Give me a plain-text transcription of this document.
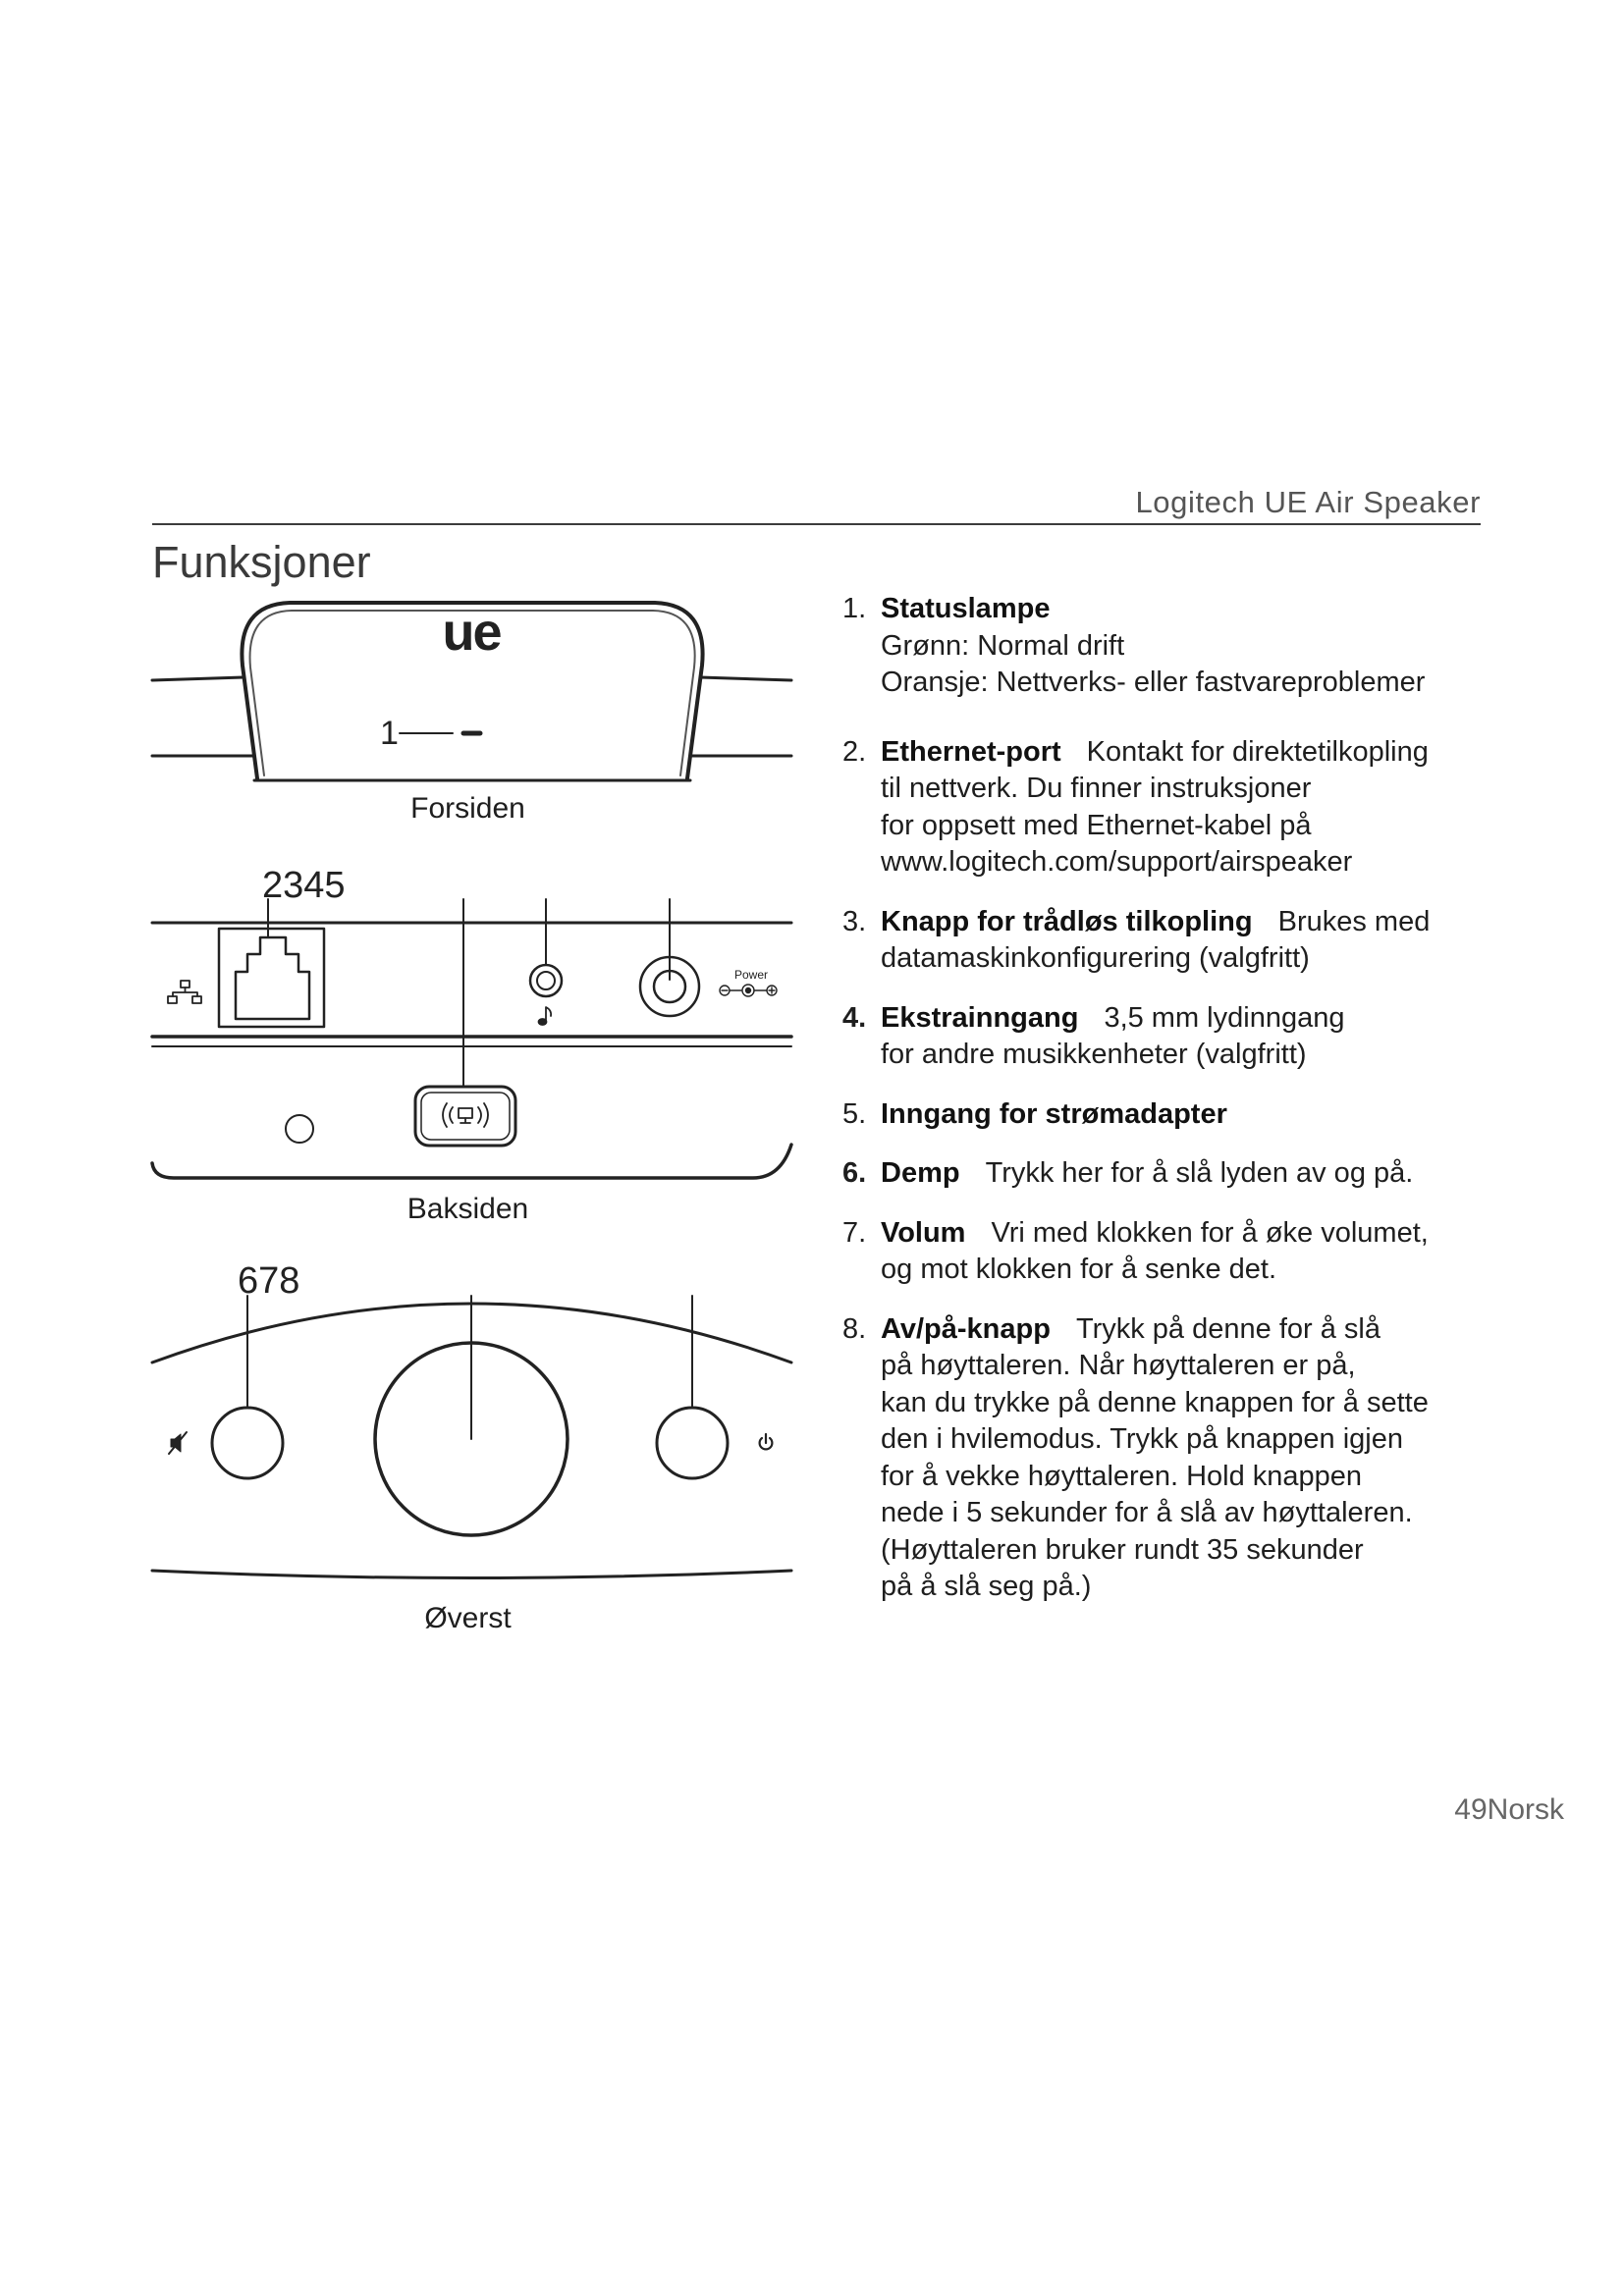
Logitech UE Air Speaker
Funksjoner
ue
1
Forsiden
2345
Power
Baksiden
678
Øverst
1. Statuslampe
Grønn: Normal drift
Oransje: Nettverks- eller fastvareproblemer
2. Ethernet-port Kontakt for direktetilkopling
til nettverk. Du finner instruksjoner
for oppsett med Ethernet-kabel på
www.logitech.com/support/airspeaker
3. Knapp for trådløs tilkopling Brukes med
datamaskinkonfigurering (valgfritt)
4. Ekstrainngang 3,5 mm lydinngang
for andre musikkenheter (valgfritt)
5. Inngang for strømadapter
6. Demp Trykk her for å slå lyden av og på.
7. Volum Vri med klokken for å øke volumet,
og mot klokken for å senke det.
8. Av/på-knapp Trykk på denne for å slå
på høyttaleren. Når høyttaleren er på,
kan du trykke på denne knappen for å sette
den i hvilemodus. Trykk på knappen igjen
for å vekke høyttaleren. Hold knappen
nede i 5 sekunder for å slå av høyttaleren.
(Høyttaleren bruker rundt 35 sekunder
på å slå seg på.)
49Norsk
